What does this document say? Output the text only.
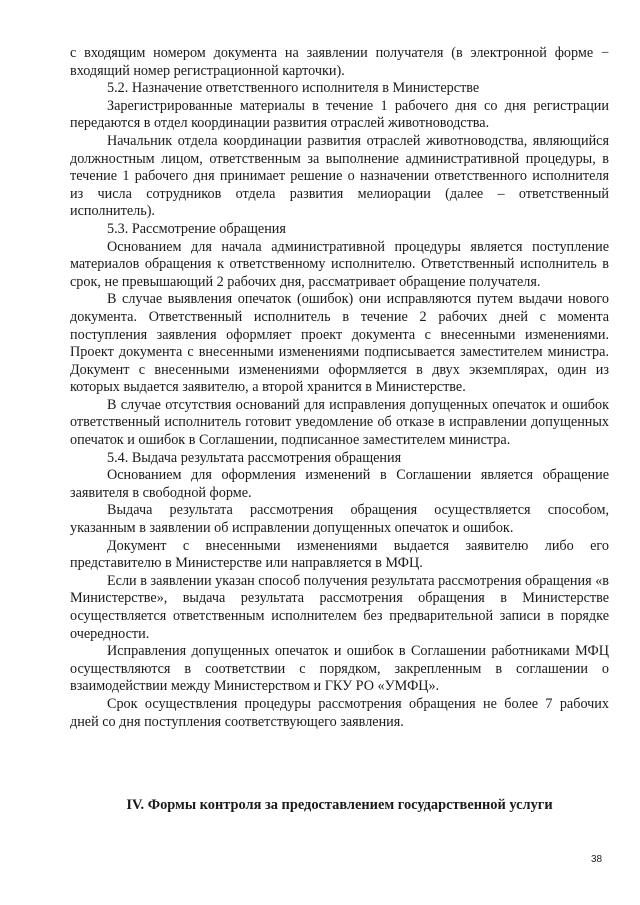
с входящим номером документа на заявлении получателя (в электронной форме − входящий номер регистрационной карточки).

5.2. Назначение ответственного исполнителя в Министерстве

Зарегистрированные материалы в течение 1 рабочего дня со дня регистрации передаются в отдел координации развития отраслей животноводства.

Начальник отдела координации развития отраслей животноводства, являющийся должностным лицом, ответственным за выполнение административной процедуры, в течение 1 рабочего дня принимает решение о назначении ответственного исполнителя из числа сотрудников отдела развития мелиорации (далее – ответственный исполнитель).

5.3. Рассмотрение обращения

Основанием для начала административной процедуры является поступление материалов обращения к ответственному исполнителю. Ответственный исполнитель в срок, не превышающий 2 рабочих дня, рассматривает обращение получателя.

В случае выявления опечаток (ошибок) они исправляются путем выдачи нового документа. Ответственный исполнитель в течение 2 рабочих дней с момента поступления заявления оформляет проект документа с внесенными изменениями. Проект документа с внесенными изменениями подписывается заместителем министра. Документ с внесенными изменениями оформляется в двух экземплярах, один из которых выдается заявителю, а второй хранится в Министерстве.

В случае отсутствия оснований для исправления допущенных опечаток и ошибок ответственный исполнитель готовит уведомление об отказе в исправлении допущенных опечаток и ошибок в Соглашении, подписанное заместителем министра.

5.4. Выдача результата рассмотрения обращения

Основанием для оформления изменений в Соглашении является обращение заявителя в свободной форме.

Выдача результата рассмотрения обращения осуществляется способом, указанным в заявлении об исправлении допущенных опечаток и ошибок.

Документ с внесенными изменениями выдается заявителю либо его представителю в Министерстве или направляется в МФЦ.

Если в заявлении указан способ получения результата рассмотрения обращения «в Министерстве», выдача результата рассмотрения обращения в Министерстве осуществляется ответственным исполнителем без предварительной записи в порядке очередности.

Исправления допущенных опечаток и ошибок в Соглашении работниками МФЦ осуществляются в соответствии с порядком, закрепленным в соглашении о взаимодействии между Министерством и ГКУ РО «УМФЦ».

Срок осуществления процедуры рассмотрения обращения не более 7 рабочих дней со дня поступления соответствующего заявления.

IV. Формы контроля за предоставлением государственной услуги
38
